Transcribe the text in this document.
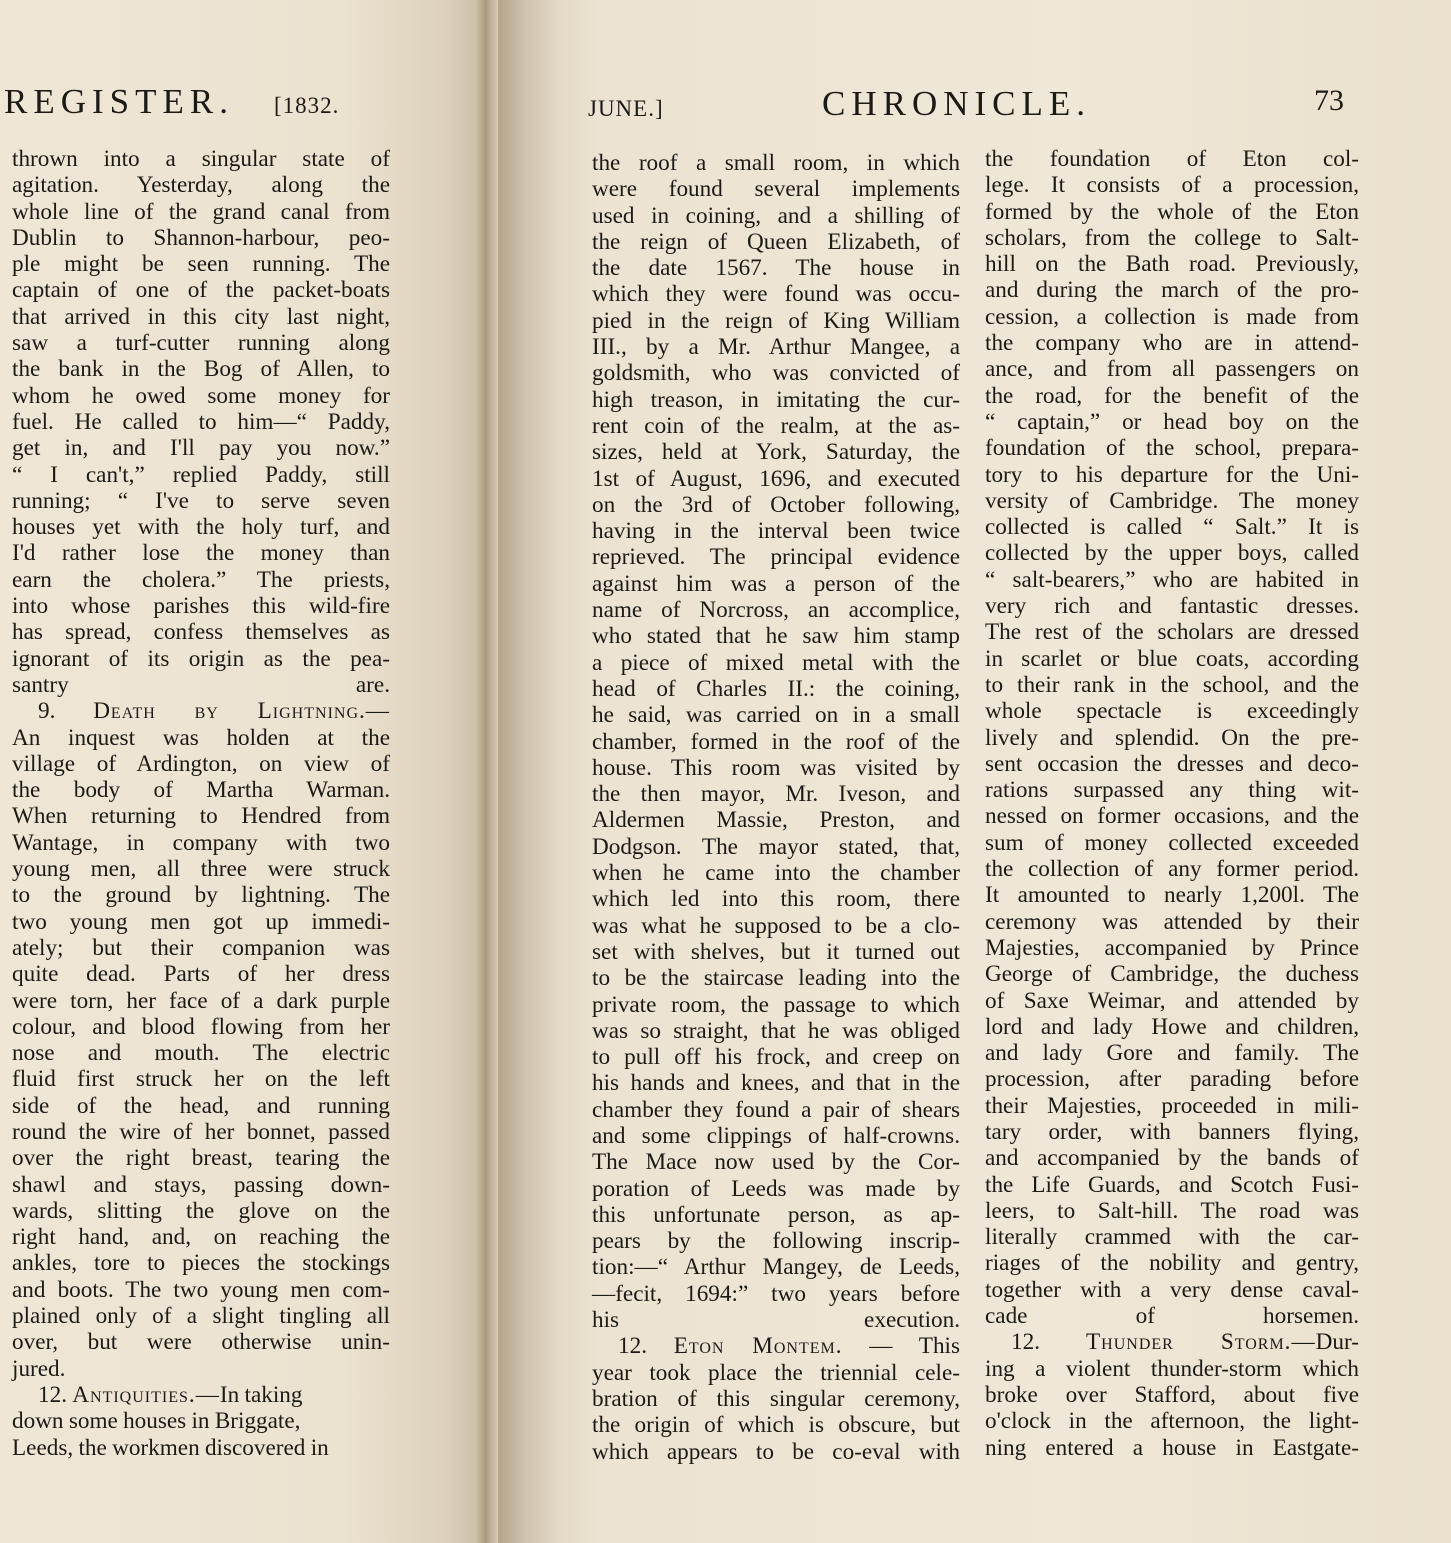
REGISTER. [1832.

thrown into a singular state of
agitation. Yesterday, along the
whole line of the grand canal from
Dublin to Shannon-harbour, peo-
ple might be seen running. The
captain of one of the packet-boats
that arrived in this city last night,
saw a turf-cutter running along
the bank in the Bog of Allen, to
whom he owed some money for
fuel. He called to him—“ Paddy,
get in, and I'll pay you now.”
“ I can't,” replied Paddy, still
running; “ I've to serve seven
houses yet with the holy turf, and
I'd rather lose the money than
earn the cholera.” The priests,
into whose parishes this wild-fire
has spread, confess themselves as
ignorant of its origin as the pea-
santry are.

9. Death by Lightning.—
An inquest was holden at the
village of Ardington, on view of
the body of Martha Warman.
When returning to Hendred from
Wantage, in company with two
young men, all three were struck
to the ground by lightning. The
two young men got up immedi-
ately; but their companion was
quite dead. Parts of her dress
were torn, her face of a dark purple
colour, and blood flowing from her
nose and mouth. The electric
fluid first struck her on the left
side of the head, and running
round the wire of her bonnet, passed
over the right breast, tearing the
shawl and stays, passing down-
wards, slitting the glove on the
right hand, and, on reaching the
ankles, tore to pieces the stockings
and boots. The two young men com-
plained only of a slight tingling all
over, but were otherwise unin-
jured.

12. Antiquities.—In taking
down some houses in Briggate,
Leeds, the workmen discovered in

JUNE.]	CHRONICLE.	73

the roof a small room, in which
were found several implements
used in coining, and a shilling of
the reign of Queen Elizabeth, of
the date 1567. The house in
which they were found was occu-
pied in the reign of King William
III., by a Mr. Arthur Mangee, a
goldsmith, who was convicted of
high treason, in imitating the cur-
rent coin of the realm, at the as-
sizes, held at York, Saturday, the
1st of August, 1696, and executed
on the 3rd of October following,
having in the interval been twice
reprieved. The principal evidence
against him was a person of the
name of Norcross, an accomplice,
who stated that he saw him stamp
a piece of mixed metal with the
head of Charles II.: the coining,
he said, was carried on in a small
chamber, formed in the roof of the
house. This room was visited by
the then mayor, Mr. Iveson, and
Aldermen Massie, Preston, and
Dodgson. The mayor stated, that,
when he came into the chamber
which led into this room, there
was what he supposed to be a clo-
set with shelves, but it turned out
to be the staircase leading into the
private room, the passage to which
was so straight, that he was obliged
to pull off his frock, and creep on
his hands and knees, and that in the
chamber they found a pair of shears
and some clippings of half-crowns.
The Mace now used by the Cor-
poration of Leeds was made by
this unfortunate person, as ap-
pears by the following inscrip-
tion:—“ Arthur Mangey, de Leeds,
—fecit, 1694:” two years before
his execution.

12. Eton Montem. — This
year took place the triennial cele-
bration of this singular ceremony,
the origin of which is obscure, but
which appears to be co-eval with

the foundation of Eton col-
lege. It consists of a procession,
formed by the whole of the Eton
scholars, from the college to Salt-
hill on the Bath road. Previously,
and during the march of the pro-
cession, a collection is made from
the company who are in attend-
ance, and from all passengers on
the road, for the benefit of the
“ captain,” or head boy on the
foundation of the school, prepara-
tory to his departure for the Uni-
versity of Cambridge. The money
collected is called “ Salt.” It is
collected by the upper boys, called
“ salt-bearers,” who are habited in
very rich and fantastic dresses.
The rest of the scholars are dressed
in scarlet or blue coats, according
to their rank in the school, and the
whole spectacle is exceedingly
lively and splendid. On the pre-
sent occasion the dresses and deco-
rations surpassed any thing wit-
nessed on former occasions, and the
sum of money collected exceeded
the collection of any former period.
It amounted to nearly 1,200l. The
ceremony was attended by their
Majesties, accompanied by Prince
George of Cambridge, the duchess
of Saxe Weimar, and attended by
lord and lady Howe and children,
and lady Gore and family. The
procession, after parading before
their Majesties, proceeded in mili-
tary order, with banners flying,
and accompanied by the bands of
the Life Guards, and Scotch Fusi-
leers, to Salt-hill. The road was
literally crammed with the car-
riages of the nobility and gentry,
together with a very dense caval-
cade of horsemen.

12. Thunder Storm.—Dur-
ing a violent thunder-storm which
broke over Stafford, about five
o'clock in the afternoon, the light-
ning entered a house in Eastgate-
